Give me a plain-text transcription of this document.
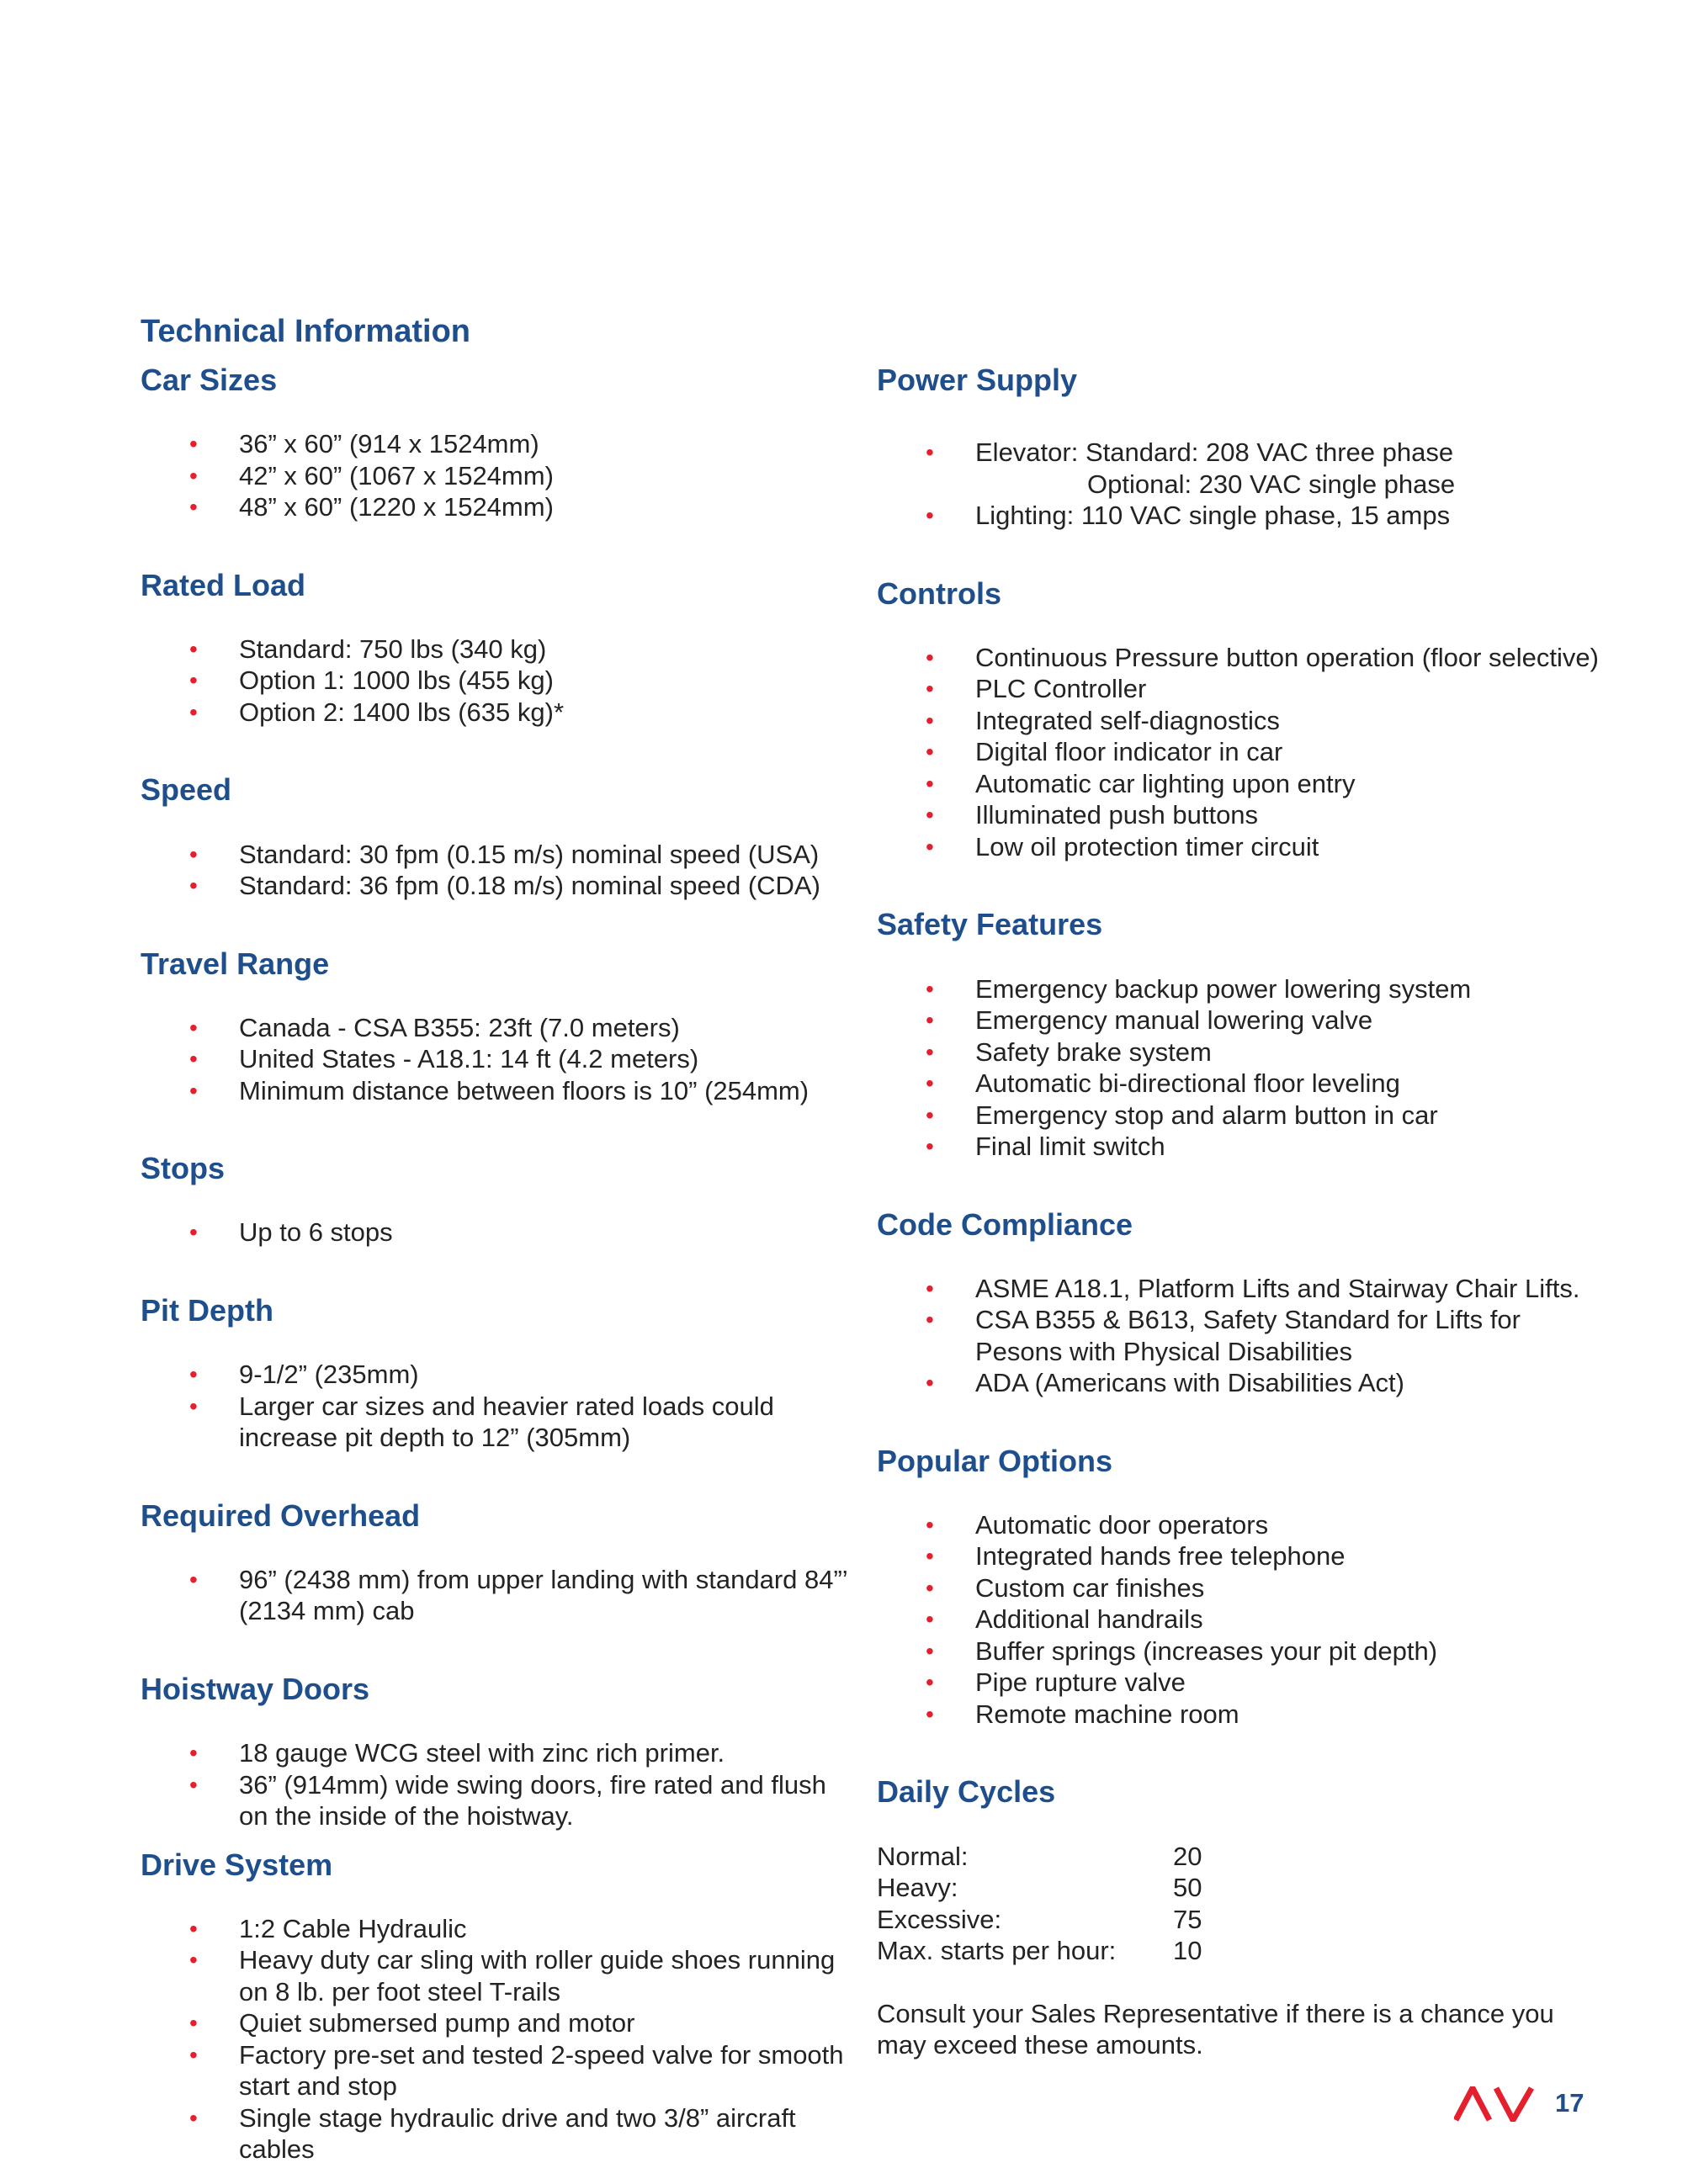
Technical Information
Car Sizes
• 36” x 60” (914 x 1524mm)
• 42” x 60” (1067 x 1524mm)
• 48” x 60” (1220 x 1524mm)
Rated Load
• Standard: 750 lbs (340 kg)
• Option 1: 1000 lbs (455 kg)
• Option 2: 1400 lbs (635 kg)*
Speed
• Standard: 30 fpm (0.15 m/s) nominal speed (USA)
• Standard: 36 fpm (0.18 m/s) nominal speed (CDA)
Travel Range
• Canada - CSA B355: 23ft (7.0 meters)
• United States - A18.1: 14 ft (4.2 meters)
• Minimum distance between floors is 10” (254mm)
Stops
• Up to 6 stops
Pit Depth
• 9-1/2” (235mm)
• Larger car sizes and heavier rated loads could increase pit depth to 12” (305mm)
Required Overhead
• 96” (2438 mm) from upper landing with standard 84”’ (2134 mm) cab
Hoistway Doors
• 18 gauge WCG steel with zinc rich primer.
• 36” (914mm) wide swing doors, fire rated and flush on the inside of the hoistway.
Drive System
• 1:2 Cable Hydraulic
• Heavy duty car sling with roller guide shoes running on 8 lb. per foot steel T-rails
• Quiet submersed pump and motor
• Factory pre-set and tested 2-speed valve for smooth start and stop
• Single stage hydraulic drive and two 3/8” aircraft cables
Power Supply
• Elevator: Standard: 208 VAC three phase
Optional: 230 VAC single phase
• Lighting: 110 VAC single phase, 15 amps
Controls
• Continuous Pressure button operation (floor selective)
• PLC Controller
• Integrated self-diagnostics
• Digital floor indicator in car
• Automatic car lighting upon entry
• Illuminated push buttons
• Low oil protection timer circuit
Safety Features
• Emergency backup power lowering system
• Emergency manual lowering valve
• Safety brake system
• Automatic bi-directional floor leveling
• Emergency stop and alarm button in car
• Final limit switch
Code Compliance
• ASME A18.1, Platform Lifts and Stairway Chair Lifts.
• CSA B355 & B613, Safety Standard for Lifts for Pesons with Physical Disabilities
• ADA (Americans with Disabilities Act)
Popular Options
• Automatic door operators
• Integrated hands free telephone
• Custom car finishes
• Additional handrails
• Buffer springs (increases your pit depth)
• Pipe rupture valve
• Remote machine room
Daily Cycles
Normal:	20
Heavy:	50
Excessive:	75
Max. starts per hour:	10
Consult your Sales Representative if there is a chance you may exceed these amounts.
17
